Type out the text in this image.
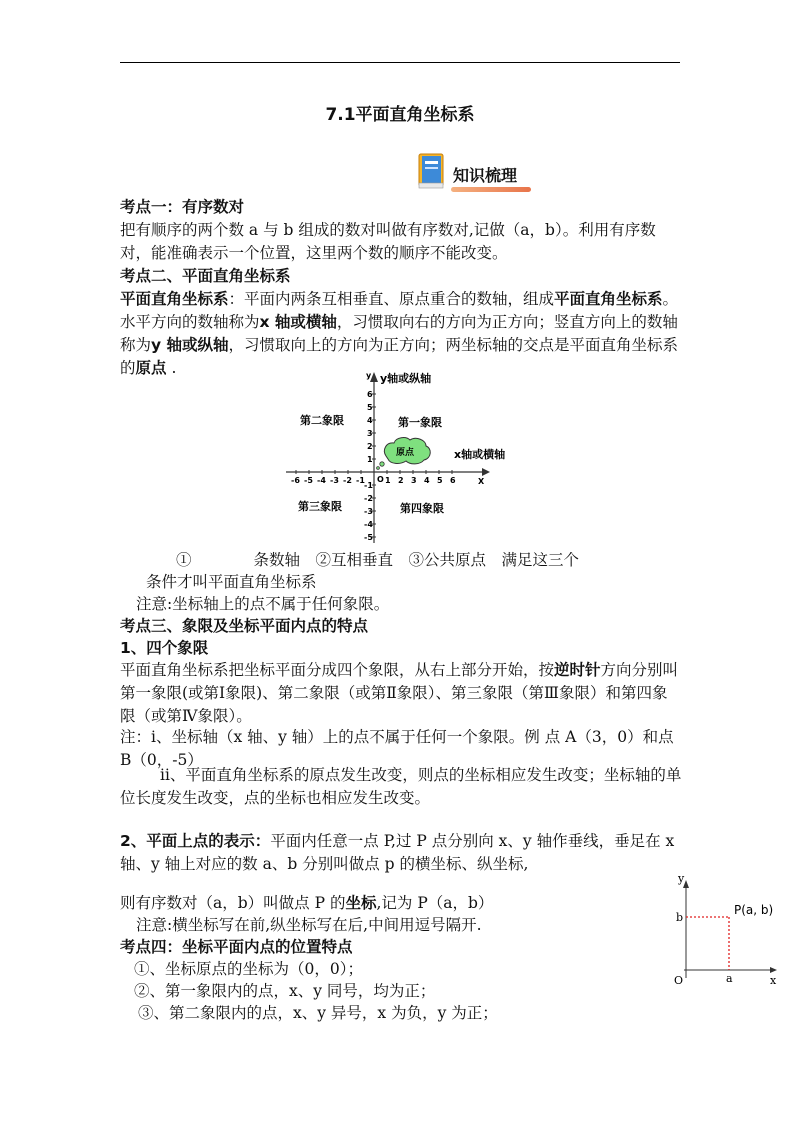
7.1平面直角坐标系
知识梳理

考点一：有序数对

把有顺序的两个数 a 与 b 组成的数对叫做有序数对,记做（a，b）。利用有序数对，能准确表示一个位置，这里两个数的顺序不能改变。

考点二、平面直角坐标系

平面直角坐标系：平面内两条互相垂直、原点重合的数轴，组成平面直角坐标系。水平方向的数轴称为x 轴或横轴，习惯取向右的方向为正方向；竖直方向上的数轴称为y 轴或纵轴，习惯取向上的方向为正方向；两坐标轴的交点是平面直角坐标系的原点 .

-6 -5 -4 -3 -2 -1	1 2 3 4 5 6
6
5
4
3
2
1
-1
-2
-3
-4
-5
X
y
O
y轴或纵轴
x轴或横轴
第二象限	第一象限
第三象限	第四象限
原点

①　　　　条数轴　②互相垂直　③公共原点　满足这三个

条件才叫平面直角坐标系

注意:坐标轴上的点不属于任何象限。

考点三、象限及坐标平面内点的特点

1、四个象限

平面直角坐标系把坐标平面分成四个象限，从右上部分开始，按逆时针方向分别叫第一象限(或第Ⅰ象限)、第二象限（或第Ⅱ象限）、第三象限（第Ⅲ象限）和第四象限（或第Ⅳ象限）。

注：ⅰ、坐标轴（x 轴、y 轴）上的点不属于任何一个象限。例 点 A（3，0）和点 B（0，-5）

ⅱ、平面直角坐标系的原点发生改变，则点的坐标相应发生改变；坐标轴的单位长度发生改变，点的坐标也相应发生改变。

2、平面上点的表示：平面内任意一点 P,过 P 点分别向 x、y 轴作垂线，垂足在 x 轴、y 轴上对应的数 a、b 分别叫做点 p 的横坐标、纵坐标,

则有序数对（a，b）叫做点 P 的坐标,记为 P（a，b）

注意:横坐标写在前,纵坐标写在后,中间用逗号隔开.

y
x
O	a
b
P(a, b)

考点四：坐标平面内点的位置特点

①、坐标原点的坐标为（0，0）；

②、第一象限内的点，x、y 同号，均为正；

③、第二象限内的点，x、y 异号，x 为负，y 为正；
